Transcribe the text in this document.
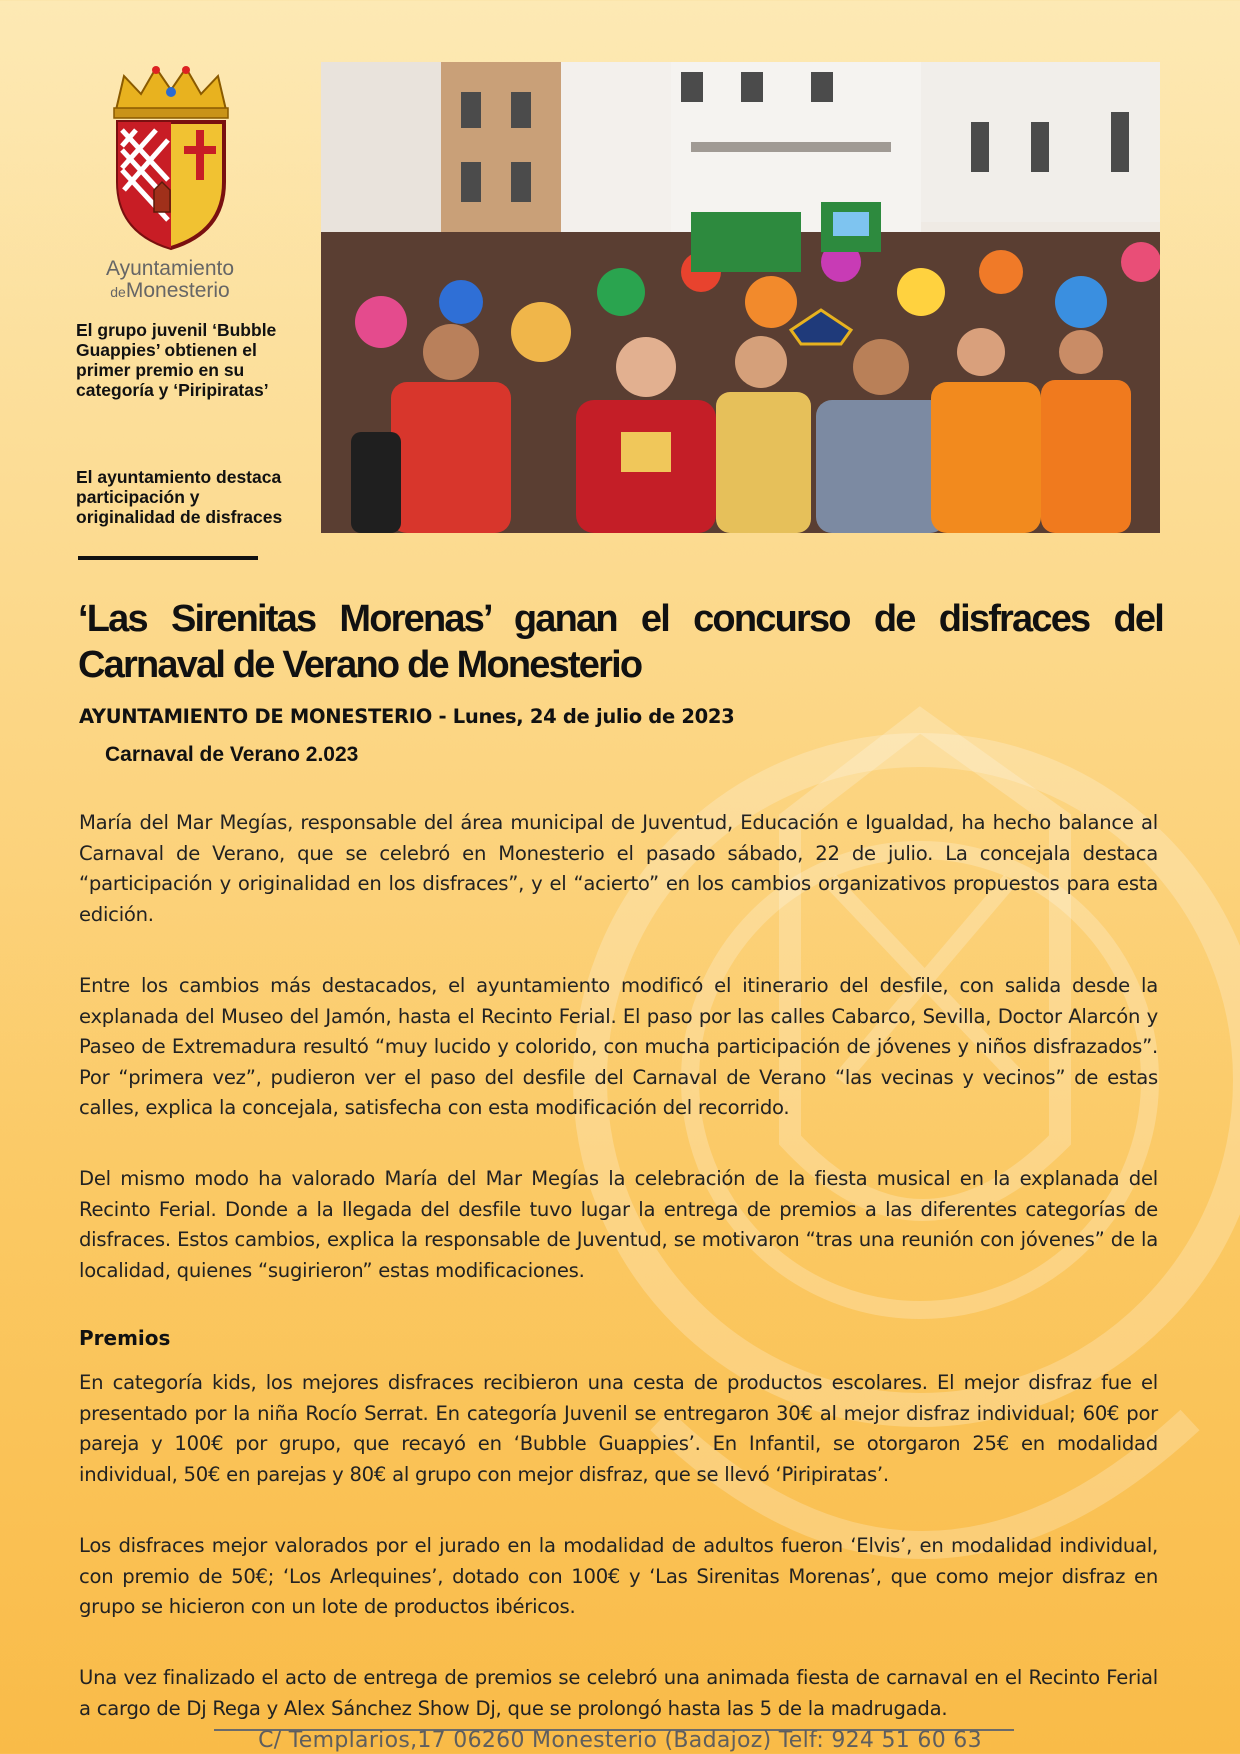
Ayuntamiento
deMonesterio
El grupo juvenil ‘Bubble Guappies’ obtienen el primer premio en su categoría y ‘Piripiratas’
El ayuntamiento destaca participación y originalidad de disfraces
‘Las Sirenitas Morenas’ ganan el concurso de disfraces del Carnaval de Verano de Monesterio
AYUNTAMIENTO DE MONESTERIO - Lunes, 24 de julio de 2023
Carnaval de Verano 2.023

María del Mar Megías, responsable del área municipal de Juventud, Educación e Igualdad, ha hecho balance al Carnaval de Verano, que se celebró en Monesterio el pasado sábado, 22 de julio. La concejala destaca “participación y originalidad en los disfraces”, y el “acierto” en los cambios organizativos propuestos para esta edición.

Entre los cambios más destacados, el ayuntamiento modificó el itinerario del desfile, con salida desde la explanada del Museo del Jamón, hasta el Recinto Ferial. El paso por las calles Cabarco, Sevilla, Doctor Alarcón y Paseo de Extremadura resultó “muy lucido y colorido, con mucha participación de jóvenes y niños disfrazados”. Por “primera vez”, pudieron ver el paso del desfile del Carnaval de Verano “las vecinas y vecinos” de estas calles, explica la concejala, satisfecha con esta modificación del recorrido.

Del mismo modo ha valorado María del Mar Megías la celebración de la fiesta musical en la explanada del Recinto Ferial. Donde a la llegada del desfile tuvo lugar la entrega de premios a las diferentes categorías de disfraces. Estos cambios, explica la responsable de Juventud, se motivaron “tras una reunión con jóvenes” de la localidad, quienes “sugirieron” estas modificaciones.

Premios

En categoría kids, los mejores disfraces recibieron una cesta de productos escolares. El mejor disfraz fue el presentado por la niña Rocío Serrat. En categoría Juvenil se entregaron 30€ al mejor disfraz individual; 60€ por pareja y 100€ por grupo, que recayó en ‘Bubble Guappies’. En Infantil, se otorgaron 25€ en modalidad individual, 50€ en parejas y 80€ al grupo con mejor disfraz, que se llevó ‘Piripiratas’.

Los disfraces mejor valorados por el jurado en la modalidad de adultos fueron ‘Elvis’, en modalidad individual, con premio de 50€; ‘Los Arlequines’, dotado con 100€ y ‘Las Sirenitas Morenas’, que como mejor disfraz en grupo se hicieron con un lote de productos ibéricos.

Una vez finalizado el acto de entrega de premios se celebró una animada fiesta de carnaval en el Recinto Ferial a cargo de Dj Rega y Alex Sánchez Show Dj, que se prolongó hasta las 5 de la madrugada.

C/ Templarios,17 06260 Monesterio (Badajoz) Telf: 924 51 60 63
